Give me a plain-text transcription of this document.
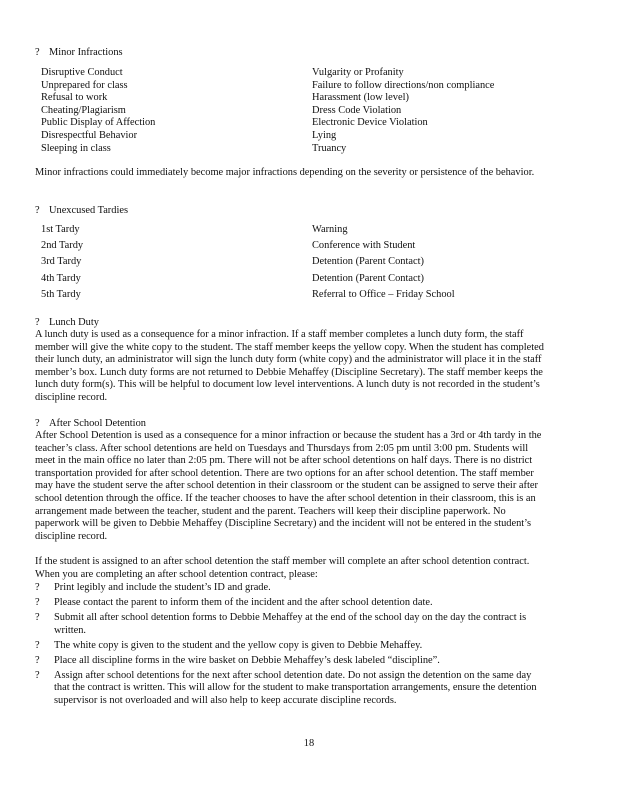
? Minor Infractions
Disruptive Conduct	Vulgarity or Profanity
Unprepared for class	Failure to follow directions/non compliance
Refusal to work	Harassment (low level)
Cheating/Plagiarism	Dress Code Violation
Public Display of Affection	Electronic Device Violation
Disrespectful Behavior	Lying
Sleeping in class	Truancy

Minor infractions could immediately become major infractions depending on the severity or persistence of the behavior.

? Unexcused Tardies
1st Tardy	Warning
2nd Tardy	Conference with Student
3rd Tardy	Detention (Parent Contact)
4th Tardy	Detention (Parent Contact)
5th Tardy	Referral to Office – Friday School
? Lunch Duty

A lunch duty is used as a consequence for a minor infraction. If a staff member completes a lunch duty form, the staff member will give the white copy to the student. The staff member keeps the yellow copy. When the student has completed their lunch duty, an administrator will sign the lunch duty form (white copy) and the administrator will place it in the staff member’s box. Lunch duty forms are not returned to Debbie Mehaffey (Discipline Secretary). The staff member keeps the lunch duty form(s). This will be helpful to document low level interventions. A lunch duty is not recorded in the student’s discipline record.

? After School Detention

After School Detention is used as a consequence for a minor infraction or because the student has a 3rd or 4th tardy in the teacher’s class. After school detentions are held on Tuesdays and Thursdays from 2:05 pm until 3:00 pm. Students will meet in the main office no later than 2:05 pm. There will not be after school detentions on half days. There is no district transportation provided for after school detention. There are two options for an after school detention. The staff member may have the student serve the after school detention in their classroom or the student can be assigned to serve their after school detention through the office. If the teacher chooses to have the after school detention in their classroom, this is an arrangement made between the teacher, student and the parent. Teachers will keep their discipline paperwork. No paperwork will be given to Debbie Mehaffey (Discipline Secretary) and the incident will not be entered in the student’s discipline record.

If the student is assigned to an after school detention the staff member will complete an after school detention contract. When you are completing an after school detention contract, please:

? Print legibly and include the student’s ID and grade.
? Please contact the parent to inform them of the incident and the after school detention date.
? Submit all after school detention forms to Debbie Mehaffey at the end of the school day on the day the contract is written.
? The white copy is given to the student and the yellow copy is given to Debbie Mehaffey.
? Place all discipline forms in the wire basket on Debbie Mehaffey’s desk labeled “discipline”.
? Assign after school detentions for the next after school detention date. Do not assign the detention on the same day that the contract is written. This will allow for the student to make transportation arrangements, ensure the detention supervisor is not overloaded and will also help to keep accurate discipline records.
18
